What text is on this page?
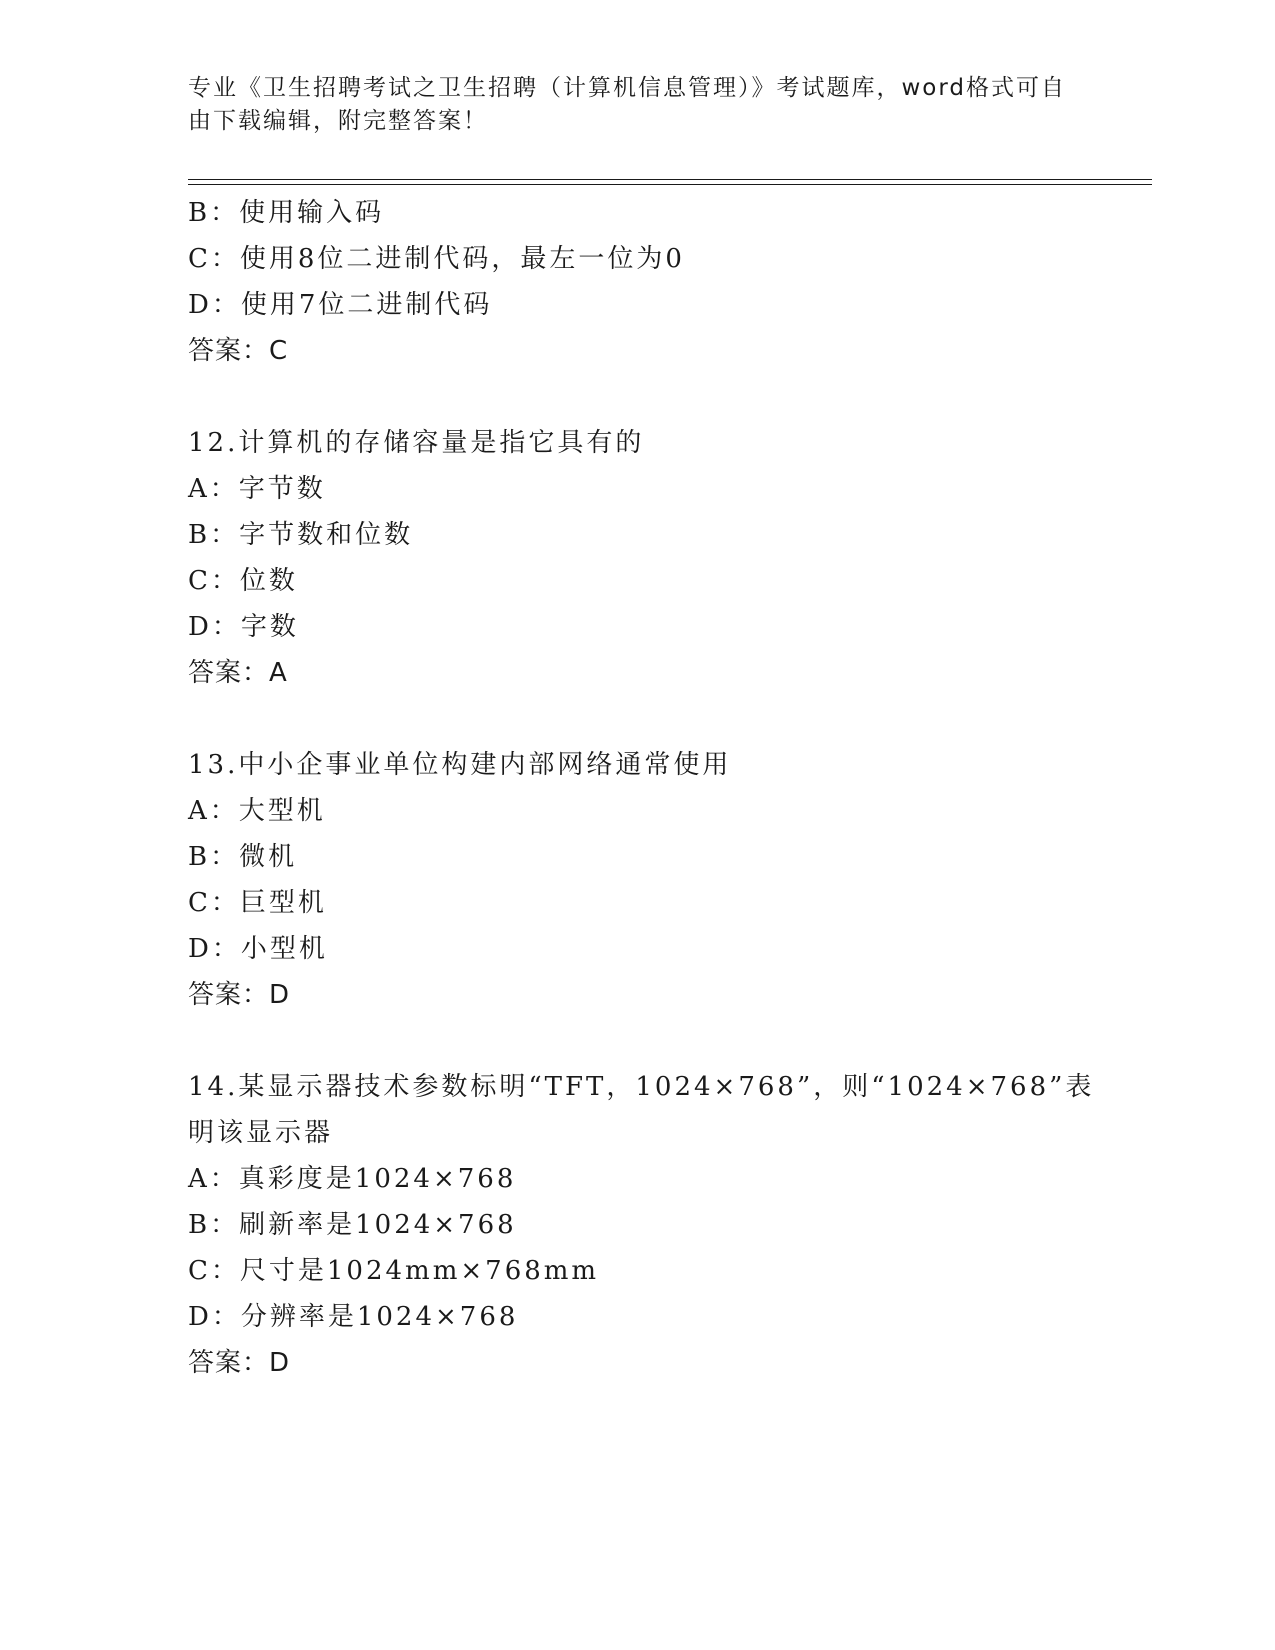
专业《卫生招聘考试之卫生招聘（计算机信息管理）》考试题库，word格式可自
由下载编辑，附完整答案！
B：使用输入码
C：使用8位二进制代码，最左一位为0
D：使用7位二进制代码
答案：C
12.计算机的存储容量是指它具有的
A：字节数
B：字节数和位数
C：位数
D：字数
答案：A
13.中小企事业单位构建内部网络通常使用
A：大型机
B：微机
C：巨型机
D：小型机
答案：D
14.某显示器技术参数标明“TFT，1024×768”，则“1024×768”表
明该显示器
A：真彩度是1024×768
B：刷新率是1024×768
C：尺寸是1024mm×768mm
D：分辨率是1024×768
答案：D
